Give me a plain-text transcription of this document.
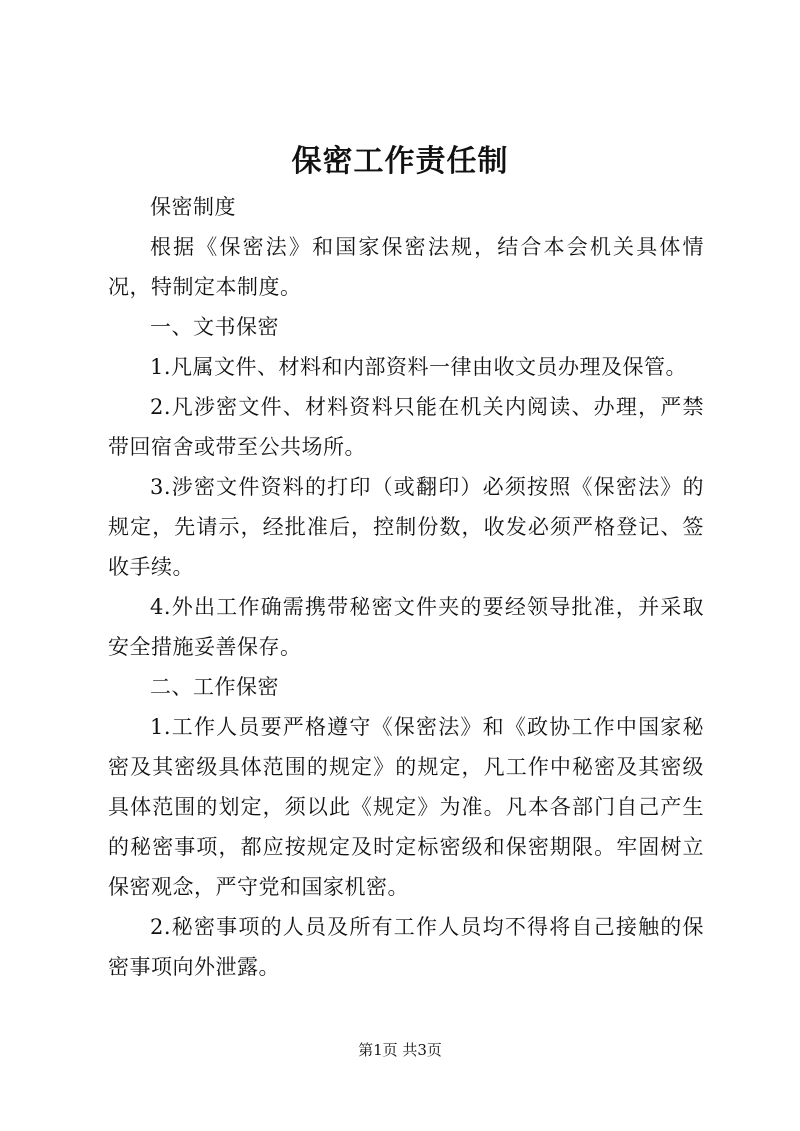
保密工作责任制

保密制度

根据《保密法》和国家保密法规，结合本会机关具体情况，特制定本制度。

一、文书保密

1.凡属文件、材料和内部资料一律由收文员办理及保管。

2.凡涉密文件、材料资料只能在机关内阅读、办理，严禁带回宿舍或带至公共场所。

3.涉密文件资料的打印（或翻印）必须按照《保密法》的规定，先请示，经批准后，控制份数，收发必须严格登记、签收手续。

4.外出工作确需携带秘密文件夹的要经领导批准，并采取安全措施妥善保存。

二、工作保密

1.工作人员要严格遵守《保密法》和《政协工作中国家秘密及其密级具体范围的规定》的规定，凡工作中秘密及其密级具体范围的划定，须以此《规定》为准。凡本各部门自己产生的秘密事项，都应按规定及时定标密级和保密期限。牢固树立保密观念，严守党和国家机密。

2.秘密事项的人员及所有工作人员均不得将自己接触的保密事项向外泄露。

第1页 共3页
